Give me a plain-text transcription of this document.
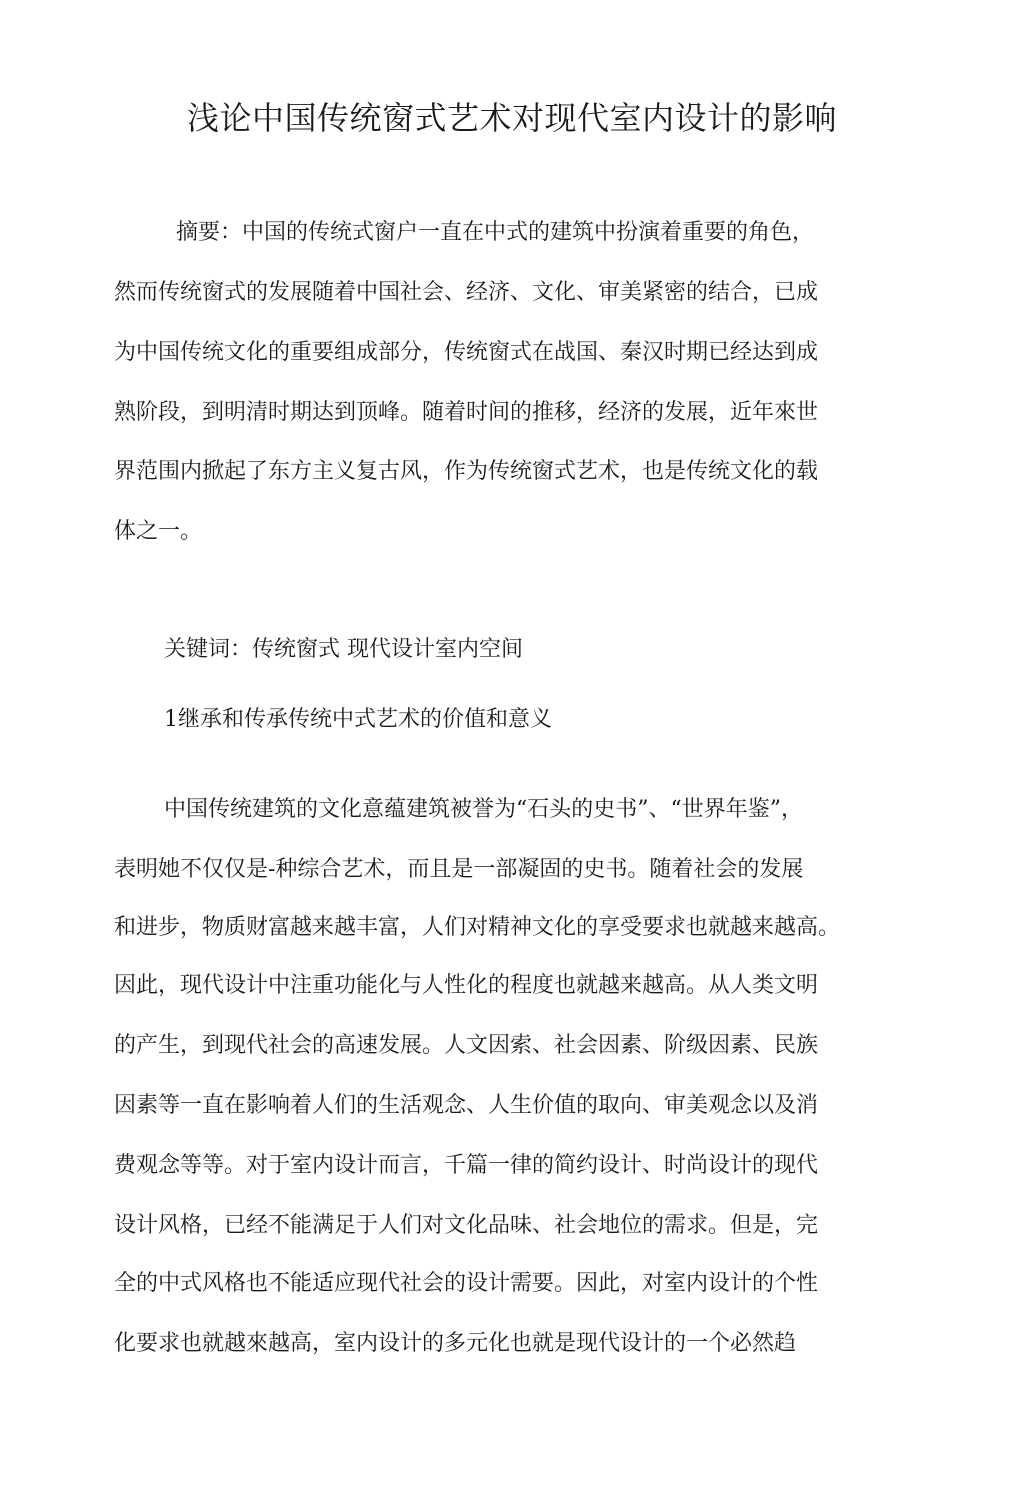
浅论中国传统窗式艺术对现代室内设计的影响
摘要：中国的传统式窗户一直在中式的建筑中扮演着重要的角色，
然而传统窗式的发展随着中国社会、经济、文化、审美紧密的结合，已成
为中国传统文化的重要组成部分，传统窗式在战国、秦汉时期已经达到成
熟阶段，到明清时期达到顶峰。随着时间的推移，经济的发展，近年來世
界范围内掀起了东方主义复古风，作为传统窗式艺术，也是传统文化的载
体之一。
关键词：传统窗式 现代设计室内空间
1继承和传承传统中式艺术的价值和意义
中国传统建筑的文化意蕴建筑被誉为“石头的史书”、“世界年鉴”，
表明她不仅仅是-种综合艺术，而且是一部凝固的史书。随着社会的发展
和进步，物质财富越来越丰富，人们对精神文化的享受要求也就越来越高。
因此，现代设计中注重功能化与人性化的程度也就越来越高。从人类文明
的产生，到现代社会的高速发展。人文因索、社会因素、阶级因素、民族
因素等一直在影响着人们的生活观念、人生价值的取向、审美观念以及消
费观念等等。对于室内设计而言，千篇一律的简约设计、时尚设计的现代
设计风格，已经不能满足于人们对文化品味、社会地位的需求。但是，完
全的中式风格也不能适应现代社会的设计需要。因此，对室内设计的个性
化要求也就越來越高，室内设计的多元化也就是现代设计的一个必然趋
